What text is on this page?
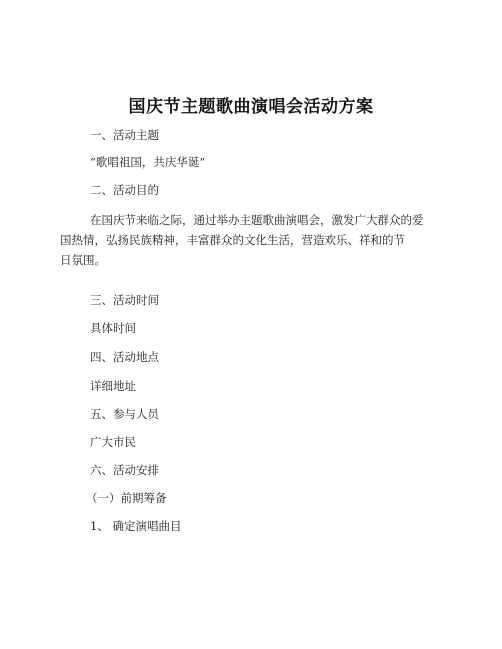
国庆节主题歌曲演唱会活动方案
一、活动主题
“歌唱祖国，共庆华诞”
二、活动目的
在国庆节来临之际，通过举办主题歌曲演唱会，激发广大群众的爱
国热情，弘扬民族精神，丰富群众的文化生活，营造欢乐、祥和的节
日氛围。
三、活动时间
具体时间
四、活动地点
详细地址
五、参与人员
广大市民
六、活动安排
（一）前期筹备
1、 确定演唱曲目
